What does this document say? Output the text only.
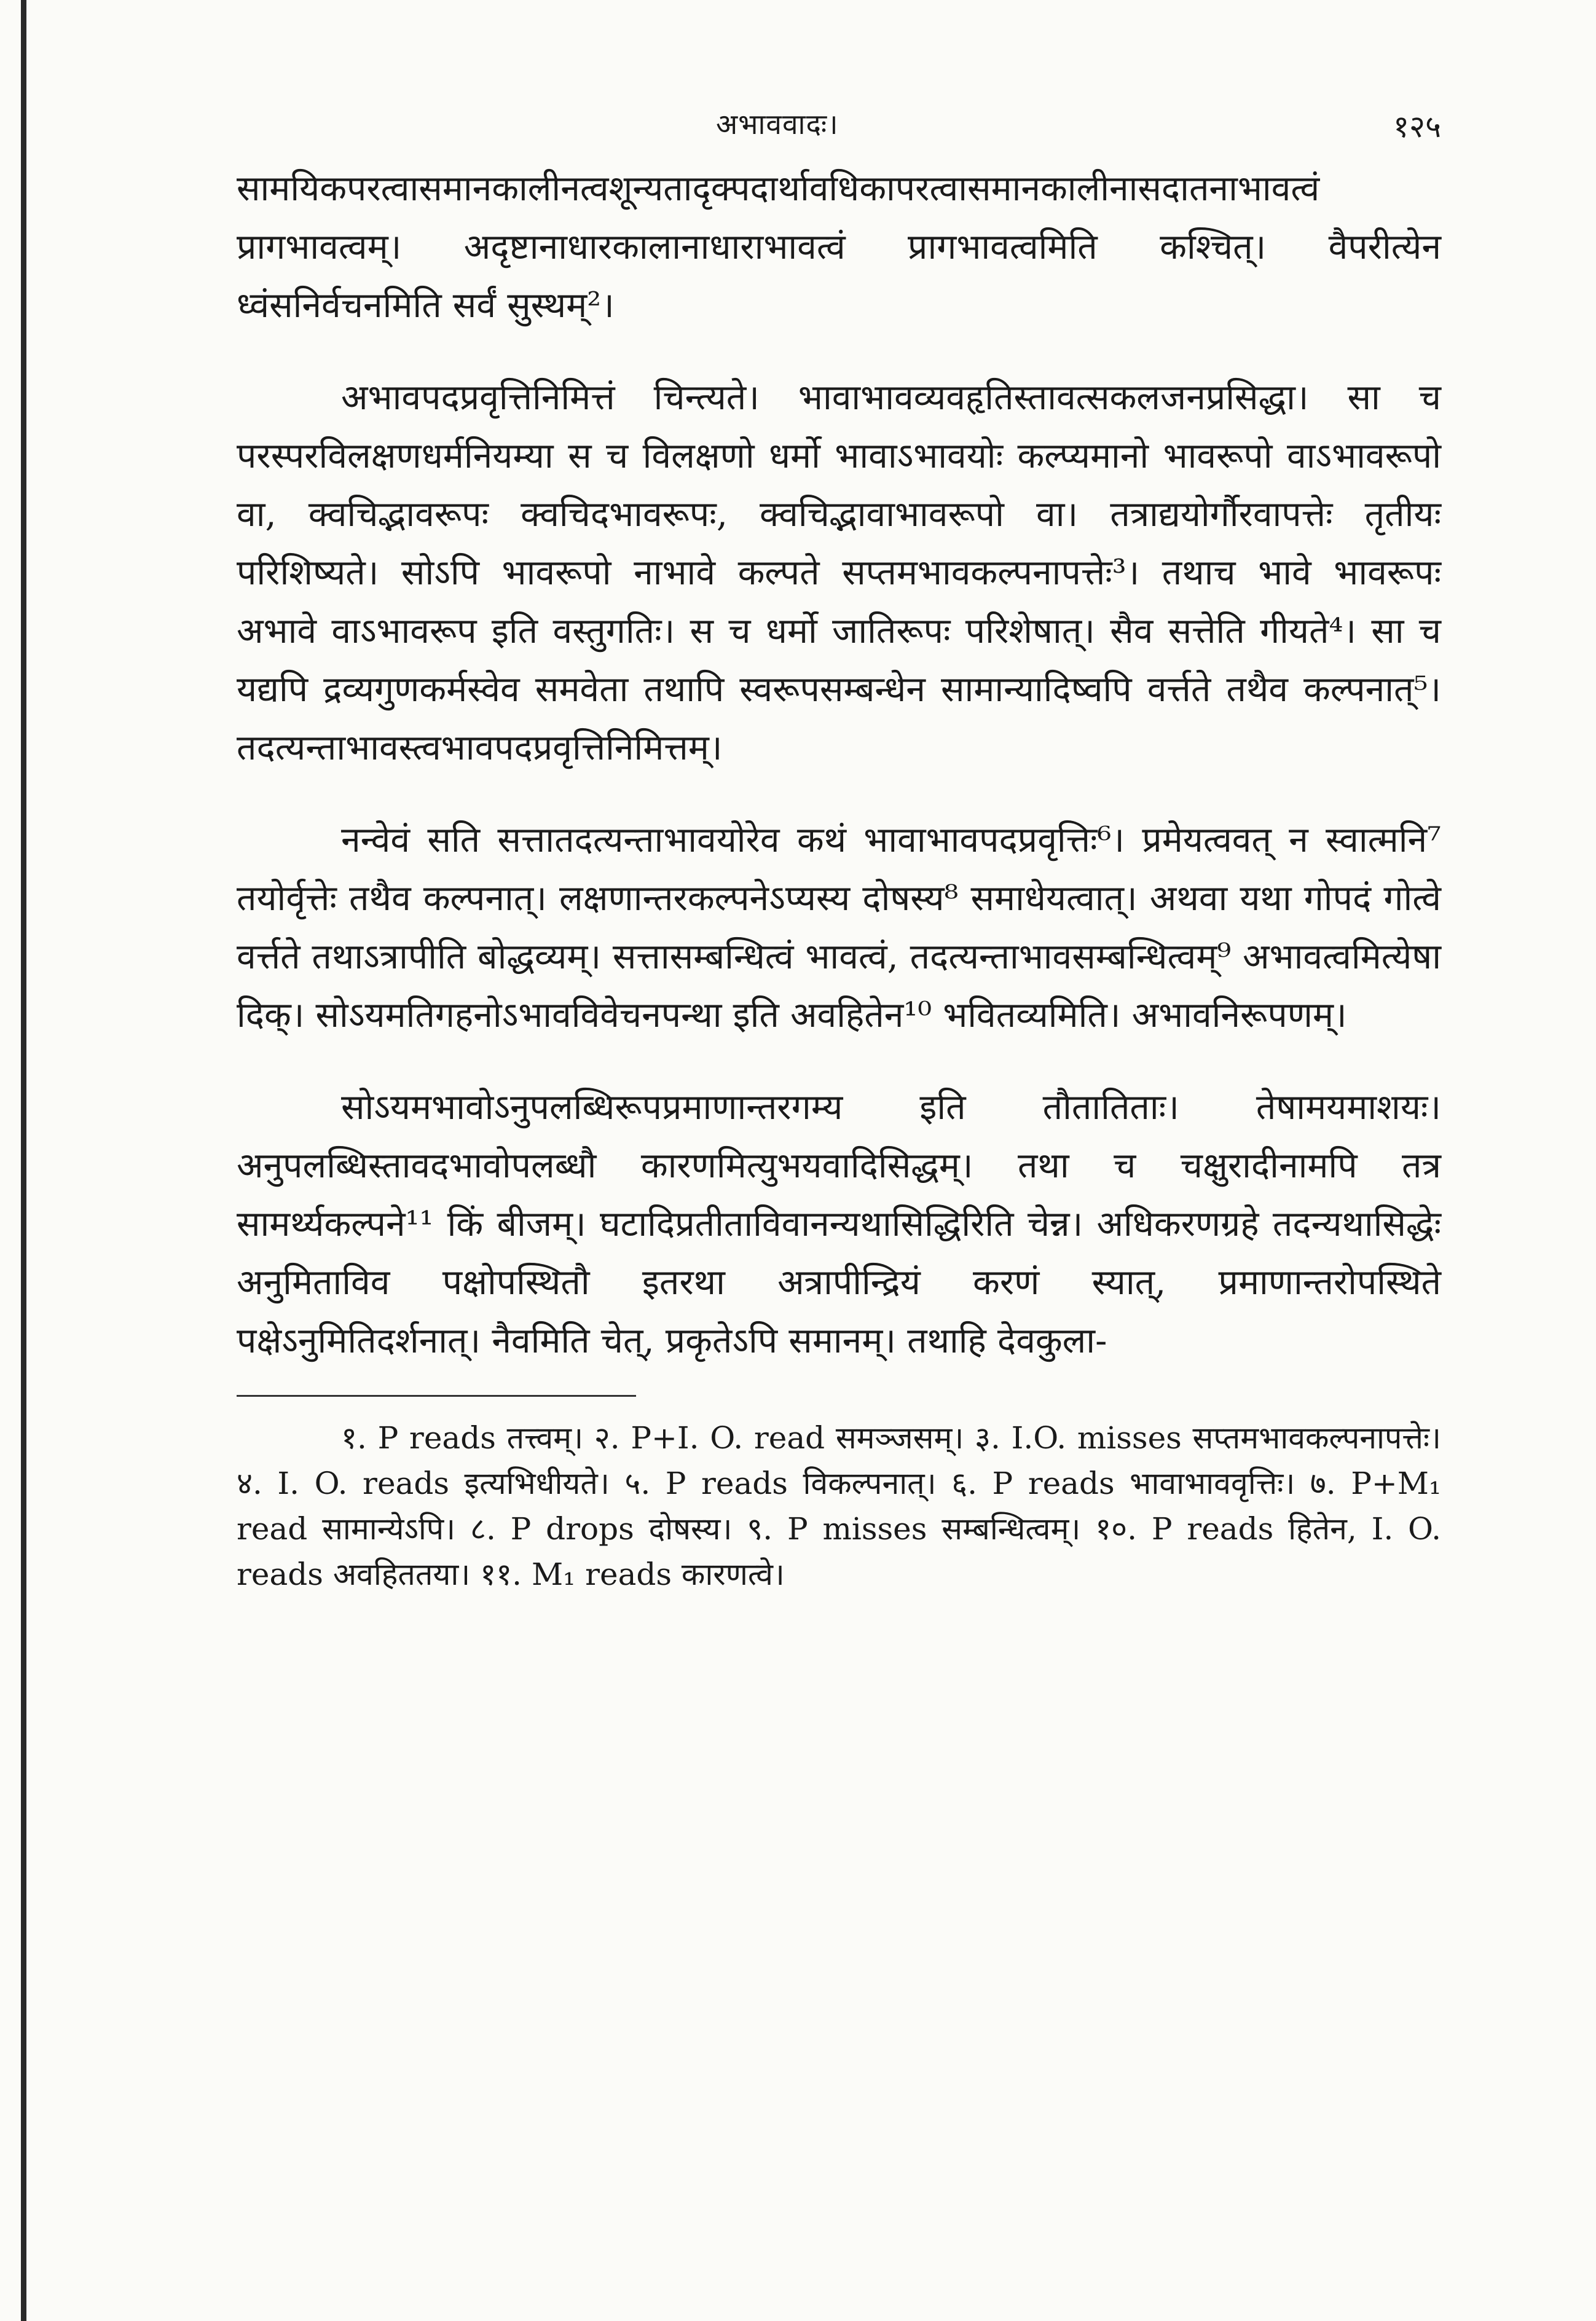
अभाववादः।	१२५

सामयिकपरत्वासमानकालीनत्वशून्यतादृक्पदार्थावधिकापरत्वासमानकालीनासदातनाभावत्वं प्रागभावत्वम्। अदृष्टानाधारकालानाधाराभावत्वं प्रागभावत्वमिति कश्चित्। वैपरीत्येन ध्वंसनिर्वचनमिति सर्वं सुस्थम्²।

अभावपदप्रवृत्तिनिमित्तं चिन्त्यते। भावाभावव्यवहृतिस्तावत्सकलजनप्रसिद्धा। सा च परस्परविलक्षणधर्मनियम्या स च विलक्षणो धर्मो भावाऽभावयोः कल्प्यमानो भावरूपो वाऽभावरूपो वा, क्वचिद्भावरूपः क्वचिदभावरूपः, क्वचिद्भावाभावरूपो वा। तत्राद्ययोर्गौरवापत्तेः तृतीयः परिशिष्यते। सोऽपि भावरूपो नाभावे कल्पते सप्तमभावकल्पनापत्तेः³। तथाच भावे भावरूपः अभावे वाऽभावरूप इति वस्तुगतिः। स च धर्मो जातिरूपः परिशेषात्। सैव सत्तेति गीयते⁴। सा च यद्यपि द्रव्यगुणकर्मस्वेव समवेता तथापि स्वरूपसम्बन्धेन सामान्यादिष्वपि वर्त्तते तथैव कल्पनात्⁵। तदत्यन्ताभावस्त्वभावपदप्रवृत्तिनिमित्तम्।

नन्वेवं सति सत्तातदत्यन्ताभावयोरेव कथं भावाभावपदप्रवृत्तिः⁶। प्रमेयत्ववत् न स्वात्मनि⁷ तयोर्वृत्तेः तथैव कल्पनात्। लक्षणान्तरकल्पनेऽप्यस्य दोषस्य⁸ समाधेयत्वात्। अथवा यथा गोपदं गोत्वे वर्त्तते तथाऽत्रापीति बोद्धव्यम्। सत्तासम्बन्धित्वं भावत्वं, तदत्यन्ताभावसम्बन्धित्वम्⁹ अभावत्वमित्येषा दिक्। सोऽयमतिगहनोऽभावविवेचनपन्था इति अवहितेन¹⁰ भवितव्यमिति। अभावनिरूपणम्।

सोऽयमभावोऽनुपलब्धिरूपप्रमाणान्तरगम्य इति तौतातिताः। तेषामयमाशयः। अनुपलब्धिस्तावदभावोपलब्धौ कारणमित्युभयवादिसिद्धम्। तथा च चक्षुरादीनामपि तत्र सामर्थ्यकल्पने¹¹ किं बीजम्। घटादिप्रतीताविवानन्यथासिद्धिरिति चेन्न। अधिकरणग्रहे तदन्यथासिद्धेः अनुमिताविव पक्षोपस्थितौ इतरथा अत्रापीन्द्रियं करणं स्यात्, प्रमाणान्तरोपस्थिते पक्षेऽनुमितिदर्शनात्। नैवमिति चेत्, प्रकृतेऽपि समानम्। तथाहि देवकुला-

१. P reads तत्त्वम्। २. P+I. O. read समञ्जसम्। ३. I.O. misses सप्तमभावकल्पनापत्तेः। ४. I. O. reads इत्यभिधीयते। ५. P reads विकल्पनात्। ६. P reads भावाभाववृत्तिः। ७. P+M₁ read सामान्येऽपि। ८. P drops दोषस्य। ९. P misses सम्बन्धित्वम्। १०. P reads हितेन, I. O. reads अवहिततया। ११. M₁ reads कारणत्वे।
